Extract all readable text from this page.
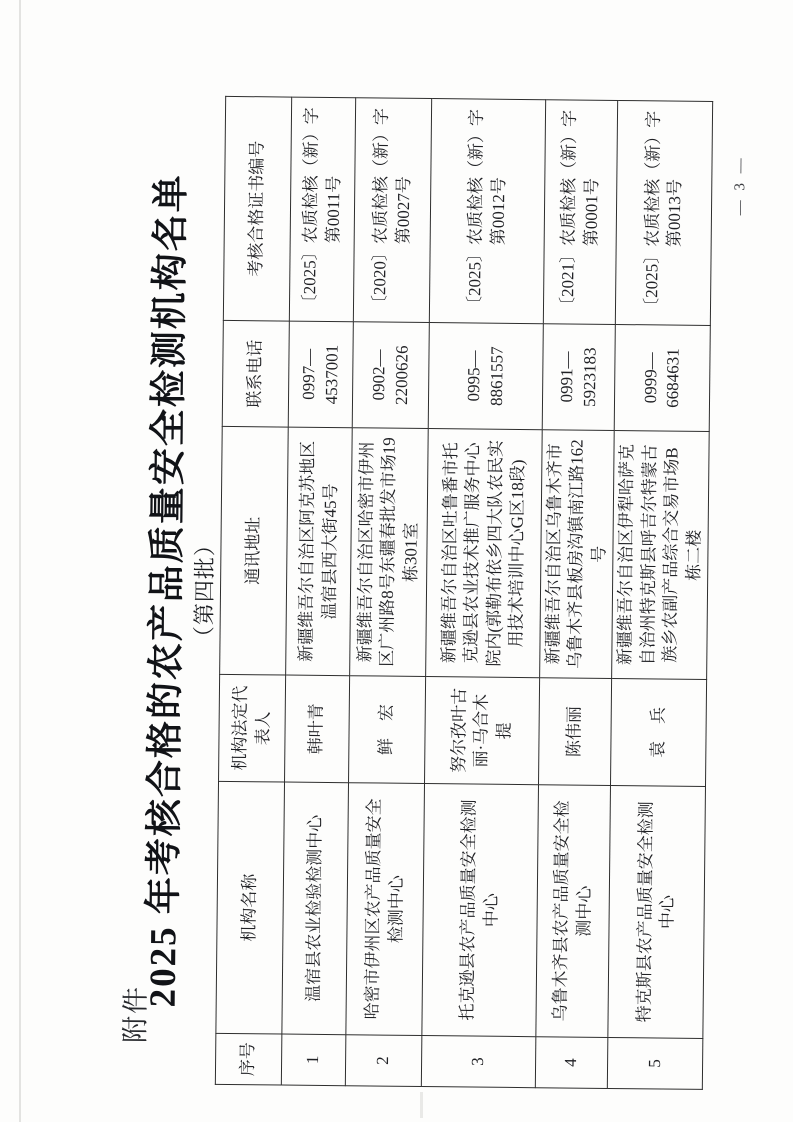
附件
2025 年考核合格的农产品质量安全检测机构名单 （第四批）
序号	机构名称	机构法定代表人	通讯地址	联系电话	考核合格证书编号
1	温宿县农业检验检测中心	韩叶青	新疆维吾尔自治区阿克苏地区温宿县西大街45号	0997—
4537001	〔2025〕农质检核（新）字
第0011号
2	哈密市伊州区农产品质量安全检测中心	鲜　宏	新疆维吾尔自治区哈密市伊州区广州路8号东疆春批发市场19栋301室	0902—
2200626	〔2020〕农质检核（新）字
第0027号
3	托克逊县农产品质量安全检测中心	努尔孜叶古丽·马合木提	新疆维吾尔自治区吐鲁番市托克逊县农业技术推广服务中心院内(郭勒布依乡四大队农民实用技术培训中心G区18段)	0995—
8861557	〔2025〕农质检核（新）字
第0012号
4	乌鲁木齐县农产品质量安全检测中心	陈伟丽	新疆维吾尔自治区乌鲁木齐市乌鲁木齐县板房沟镇南江路162号	0991—
5923183	〔2021〕农质检核（新）字
第0001号
5	特克斯县农产品质量安全检测中心	袁　兵	新疆维吾尔自治区伊犁哈萨克自治州特克斯县呼吉尔特蒙古族乡农副产品综合交易市场B栋二楼	0999—
6684631	〔2025〕农质检核（新）字
第0013号	— 3 —
